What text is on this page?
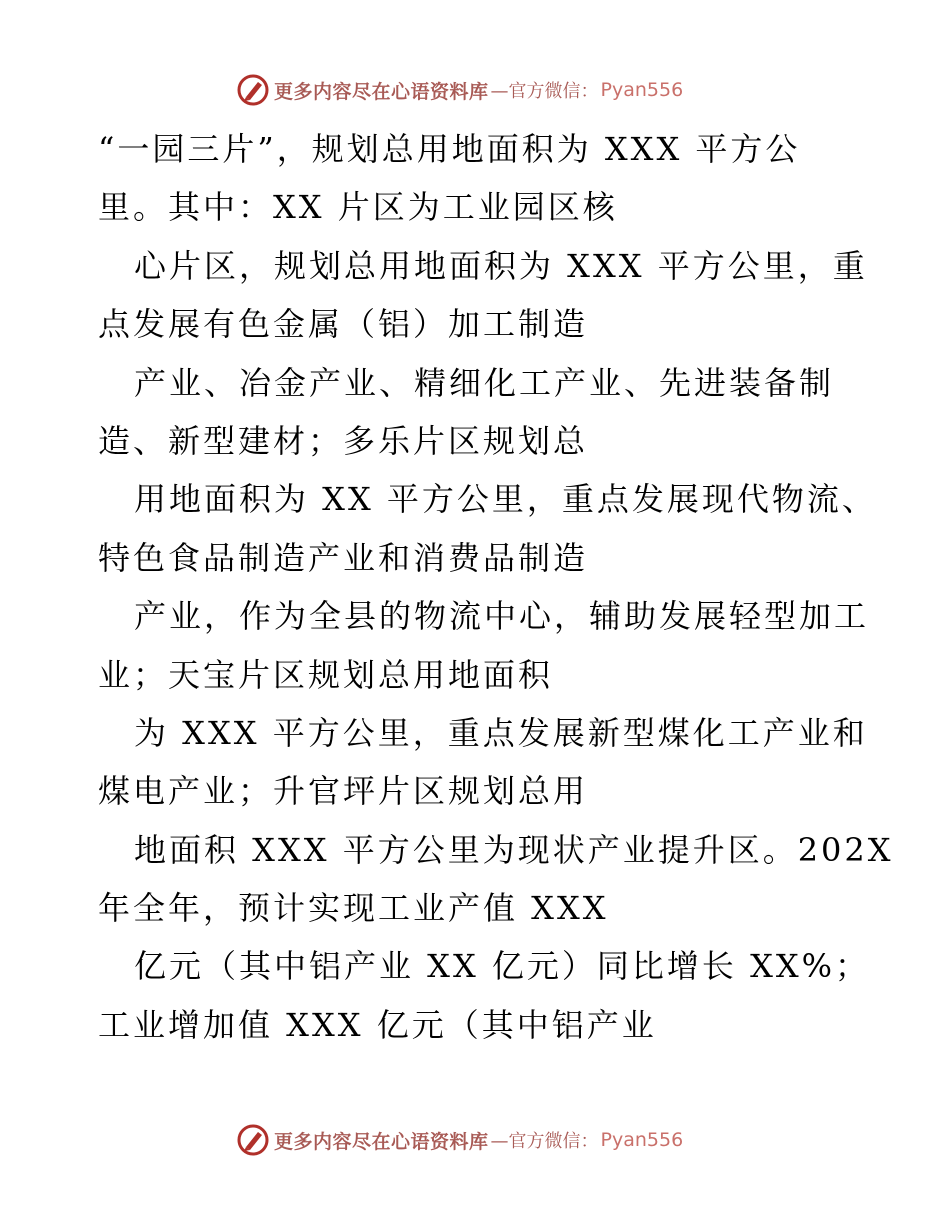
更多内容尽在心语资料库 —官方微信： Pyan556
“一园三片”，规划总用地面积为 XXX 平方公
里。其中：XX 片区为工业园区核
心片区，规划总用地面积为 XXX 平方公里，重
点发展有色金属（铝）加工制造
产业、冶金产业、精细化工产业、先进装备制
造、新型建材；多乐片区规划总
用地面积为 XX 平方公里，重点发展现代物流、
特色食品制造产业和消费品制造
产业，作为全县的物流中心，辅助发展轻型加工
业；天宝片区规划总用地面积
为 XXX 平方公里，重点发展新型煤化工产业和
煤电产业；升官坪片区规划总用
地面积 XXX 平方公里为现状产业提升区。202X
年全年，预计实现工业产值 XXX
亿元（其中铝产业 XX 亿元）同比增长 XX%；
工业增加值 XXX 亿元（其中铝产业
更多内容尽在心语资料库 —官方微信： Pyan556
